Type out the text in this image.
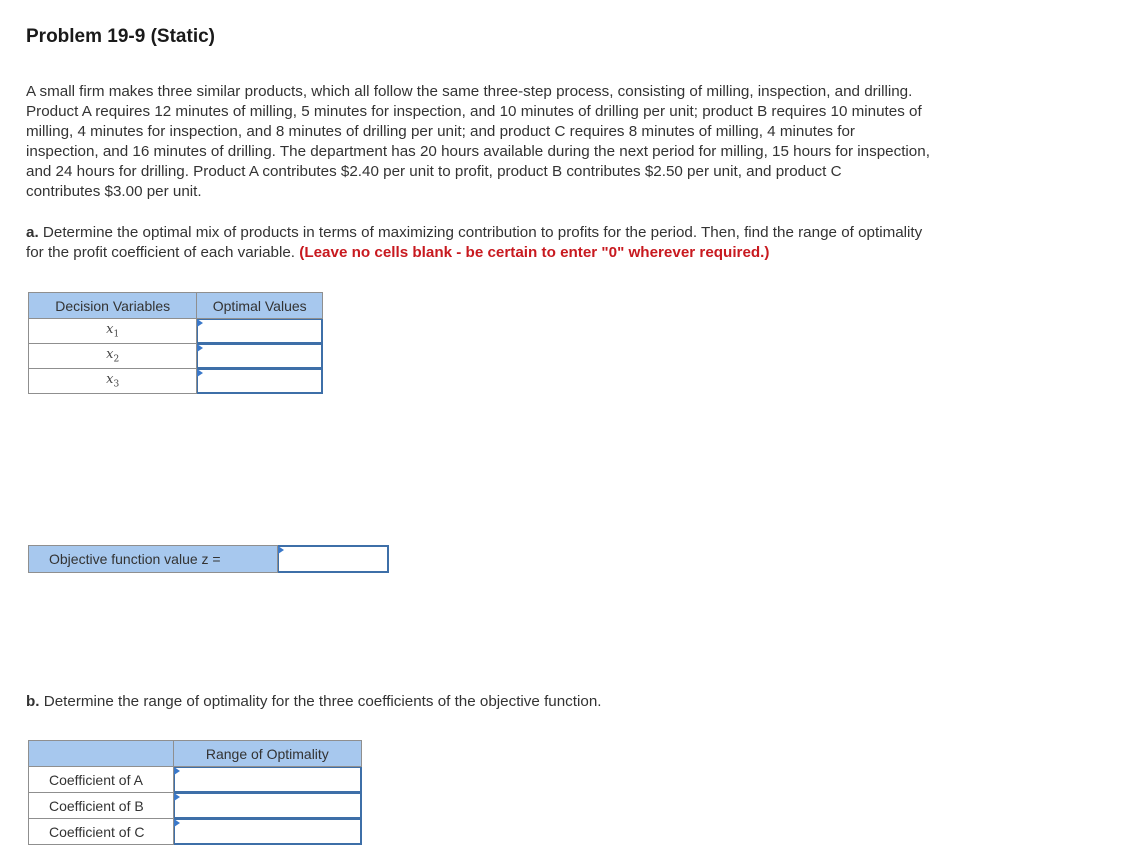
Problem 19-9 (Static)
A small firm makes three similar products, which all follow the same three-step process, consisting of milling, inspection, and drilling.
Product A requires 12 minutes of milling, 5 minutes for inspection, and 10 minutes of drilling per unit; product B requires 10 minutes of
milling, 4 minutes for inspection, and 8 minutes of drilling per unit; and product C requires 8 minutes of milling, 4 minutes for
inspection, and 16 minutes of drilling. The department has 20 hours available during the next period for milling, 15 hours for inspection,
and 24 hours for drilling. Product A contributes $2.40 per unit to profit, product B contributes $2.50 per unit, and product C
contributes $3.00 per unit.
a. Determine the optimal mix of products in terms of maximizing contribution to profits for the period. Then, find the range of optimality
for the profit coefficient of each variable. (Leave no cells blank - be certain to enter "0" wherever required.)
Decision Variables	Optimal Values
$x_1$	
$x_2$	
$x_3$	
Objective function value z =	
b. Determine the range of optimality for the three coefficients of the objective function.
	Range of Optimality
Coefficient of A	
Coefficient of B	
Coefficient of C	
